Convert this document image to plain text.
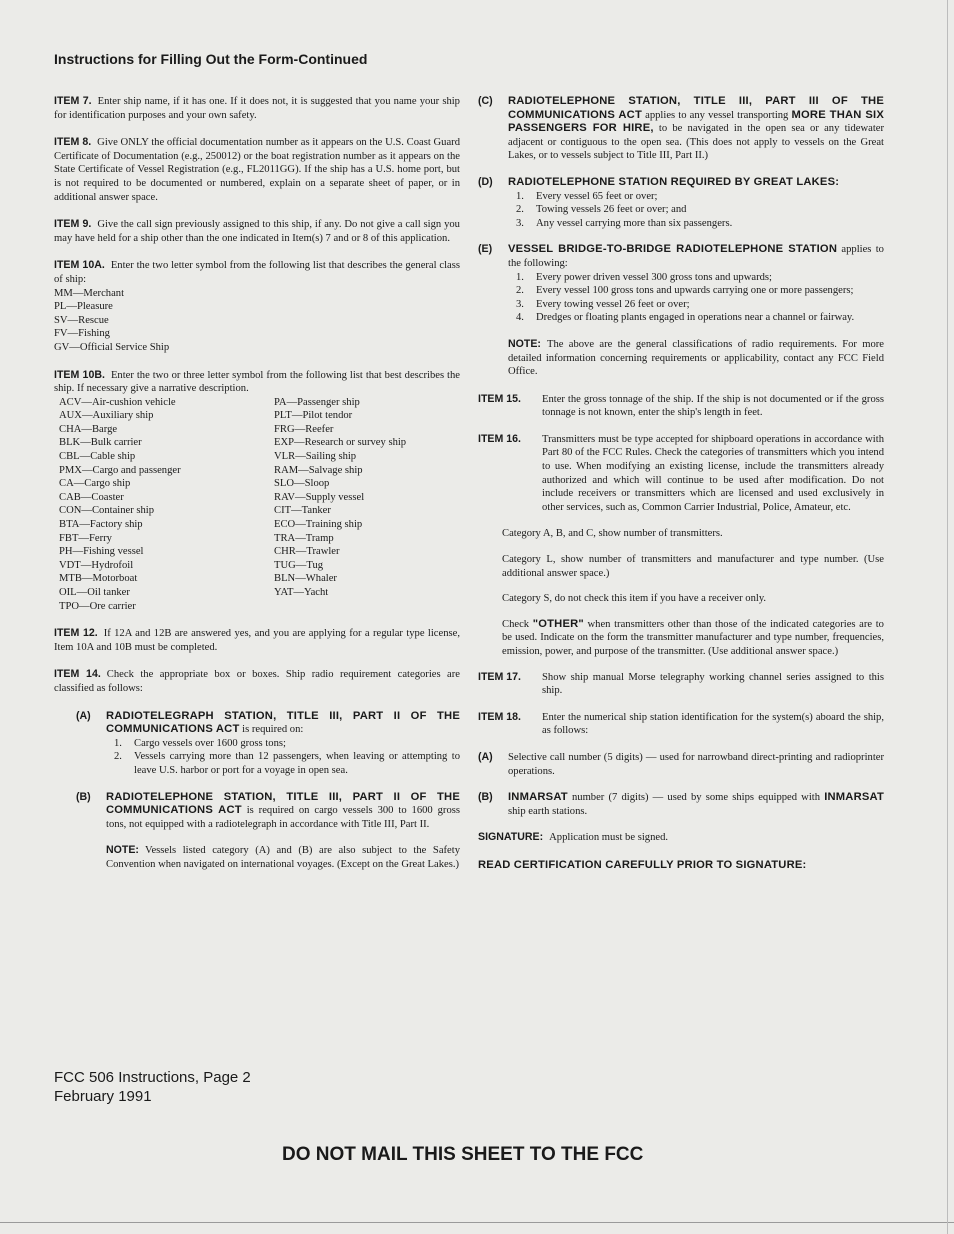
Instructions for Filling Out the Form-Continued

ITEM 7. Enter ship name, if it has one. If it does not, it is suggested that you name your ship for identification purposes and your own safety.

ITEM 8. Give ONLY the official documentation number as it appears on the U.S. Coast Guard Certificate of Documentation (e.g., 250012) or the boat registration number as it appears on the State Certificate of Vessel Registration (e.g., FL2011GG). If the ship has a U.S. home port, but is not required to be documented or numbered, explain on a separate sheet of paper, or in additional answer space.

ITEM 9. Give the call sign previously assigned to this ship, if any. Do not give a call sign you may have held for a ship other than the one indicated in Item(s) 7 and or 8 of this application.

ITEM 10A. Enter the two letter symbol from the following list that describes the general class of ship:

MM—Merchant
PL—Pleasure
SV—Rescue
FV—Fishing
GV—Official Service Ship

ITEM 10B. Enter the two or three letter symbol from the following list that best describes the ship. If necessary give a narrative description.

ACV—Air-cushion vehicle	PA—Passenger ship
AUX—Auxiliary ship	PLT—Pilot tendor
CHA—Barge	FRG—Reefer
BLK—Bulk carrier	EXP—Research or survey ship
CBL—Cable ship	VLR—Sailing ship
PMX—Cargo and passenger	RAM—Salvage ship
CA—Cargo ship	SLO—Sloop
CAB—Coaster	RAV—Supply vessel
CON—Container ship	CIT—Tanker
BTA—Factory ship	ECO—Training ship
FBT—Ferry	TRA—Tramp
PH—Fishing vessel	CHR—Trawler
VDT—Hydrofoil	TUG—Tug
MTB—Motorboat	BLN—Whaler
OIL—Oil tanker	YAT—Yacht
TPO—Ore carrier

ITEM 12. If 12A and 12B are answered yes, and you are applying for a regular type license, Item 10A and 10B must be completed.

ITEM 14. Check the appropriate box or boxes. Ship radio requirement categories are classified as follows:

(A)	RADIOTELEGRAPH STATION, TITLE III, PART II OF THE COMMUNICATIONS ACT is required on:
1.	Cargo vessels over 1600 gross tons;
2.	Vessels carrying more than 12 passengers, when leaving or attempting to leave U.S. harbor or port for a voyage in open sea.
(B)	RADIOTELEPHONE STATION, TITLE III, PART II OF THE COMMUNICATIONS ACT is required on cargo vessels 300 to 1600 gross tons, not equipped with a radiotelegraph in accordance with Title III, Part II.

NOTE: Vessels listed category (A) and (B) are also subject to the Safety Convention when navigated on international voyages. (Except on the Great Lakes.)

(C)	RADIOTELEPHONE STATION, TITLE III, PART III OF THE COMMUNICATIONS ACT applies to any vessel transporting MORE THAN SIX PASSENGERS FOR HIRE, to be navigated in the open sea or any tidewater adjacent or contiguous to the open sea. (This does not apply to vessels on the Great Lakes, or to vessels subject to Title III, Part II.)
(D)	RADIOTELEPHONE STATION REQUIRED BY GREAT LAKES:
1.	Every vessel 65 feet or over;
2.	Towing vessels 26 feet or over; and
3.	Any vessel carrying more than six passengers.
(E)	VESSEL BRIDGE-TO-BRIDGE RADIOTELEPHONE STATION applies to the following:
1.	Every power driven vessel 300 gross tons and upwards;
2.	Every vessel 100 gross tons and upwards carrying one or more passengers;
3.	Every towing vessel 26 feet or over;
4.	Dredges or floating plants engaged in operations near a channel or fairway.

NOTE: The above are the general classifications of radio requirements. For more detailed information concerning requirements or applicability, contact any FCC Field Office.

ITEM 15.	Enter the gross tonnage of the ship. If the ship is not documented or if the gross tonnage is not known, enter the ship's length in feet.
ITEM 16.	Transmitters must be type accepted for shipboard operations in accordance with Part 80 of the FCC Rules. Check the categories of transmitters which you intend to use. When modifying an existing license, include the transmitters already authorized and which will continue to be used after modification. Do not include receivers or transmitters which are licensed and used exclusively in other services, such as, Common Carrier Industrial, Police, Amateur, etc.

Category A, B, and C, show number of transmitters.

Category L, show number of transmitters and manufacturer and type number. (Use additional answer space.)

Category S, do not check this item if you have a receiver only.

Check "OTHER" when transmitters other than those of the indicated categories are to be used. Indicate on the form the transmitter manufacturer and type number, frequencies, emission, power, and purpose of the transmitter. (Use additional answer space.)

ITEM 17.	Show ship manual Morse telegraphy working channel series assigned to this ship.
ITEM 18.	Enter the numerical ship station identification for the system(s) aboard the ship, as follows:
(A)	Selective call number (5 digits) — used for narrowband direct-printing and radioprinter operations.
(B)	INMARSAT number (7 digits) — used by some ships equipped with INMARSAT ship earth stations.

SIGNATURE: Application must be signed.

READ CERTIFICATION CAREFULLY PRIOR TO SIGNATURE:

FCC 506 Instructions, Page 2
February 1991
DO NOT MAIL THIS SHEET TO THE FCC
